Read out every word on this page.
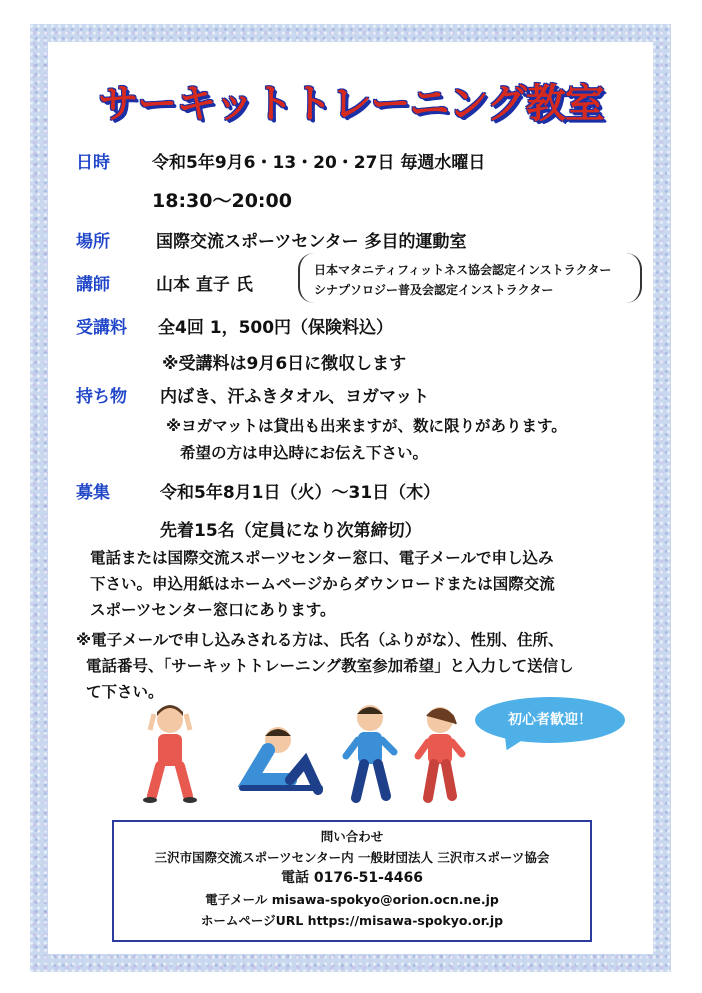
サーキットトレーニング教室
日時 令和5年9月6・13・20・27日 毎週水曜日
18:30～20:00
場所	国際交流スポーツセンター 多目的運動室
講師	山本 直子 氏
日本マタニティフィットネス協会認定インストラクター
シナプソロジー普及会認定インストラクター
受講料 全4回 1，500円（保険料込）
※受講料は9月6日に徴収します
持ち物 内ばき、汗ふきタオル、ヨガマット
※ヨガマットは貸出も出来ますが、数に限りがあります。
希望の方は申込時にお伝え下さい。
募集	令和5年8月1日（火）～31日（木）
先着15名（定員になり次第締切）
電話または国際交流スポーツセンター窓口、電子メールで申し込み
下さい。申込用紙はホームページからダウンロードまたは国際交流
スポーツセンター窓口にあります。
※電子メールで申し込みされる方は、氏名（ふりがな）、性別、住所、
電話番号、「サーキットトレーニング教室参加希望」と入力して送信し
て下さい。
初心者歓迎！
問い合わせ
三沢市国際交流スポーツセンター内 一般財団法人 三沢市スポーツ協会
電話 0176-51-4466
電子メール misawa-spokyo@orion.ocn.ne.jp
ホームページURL https://misawa-spokyo.or.jp
